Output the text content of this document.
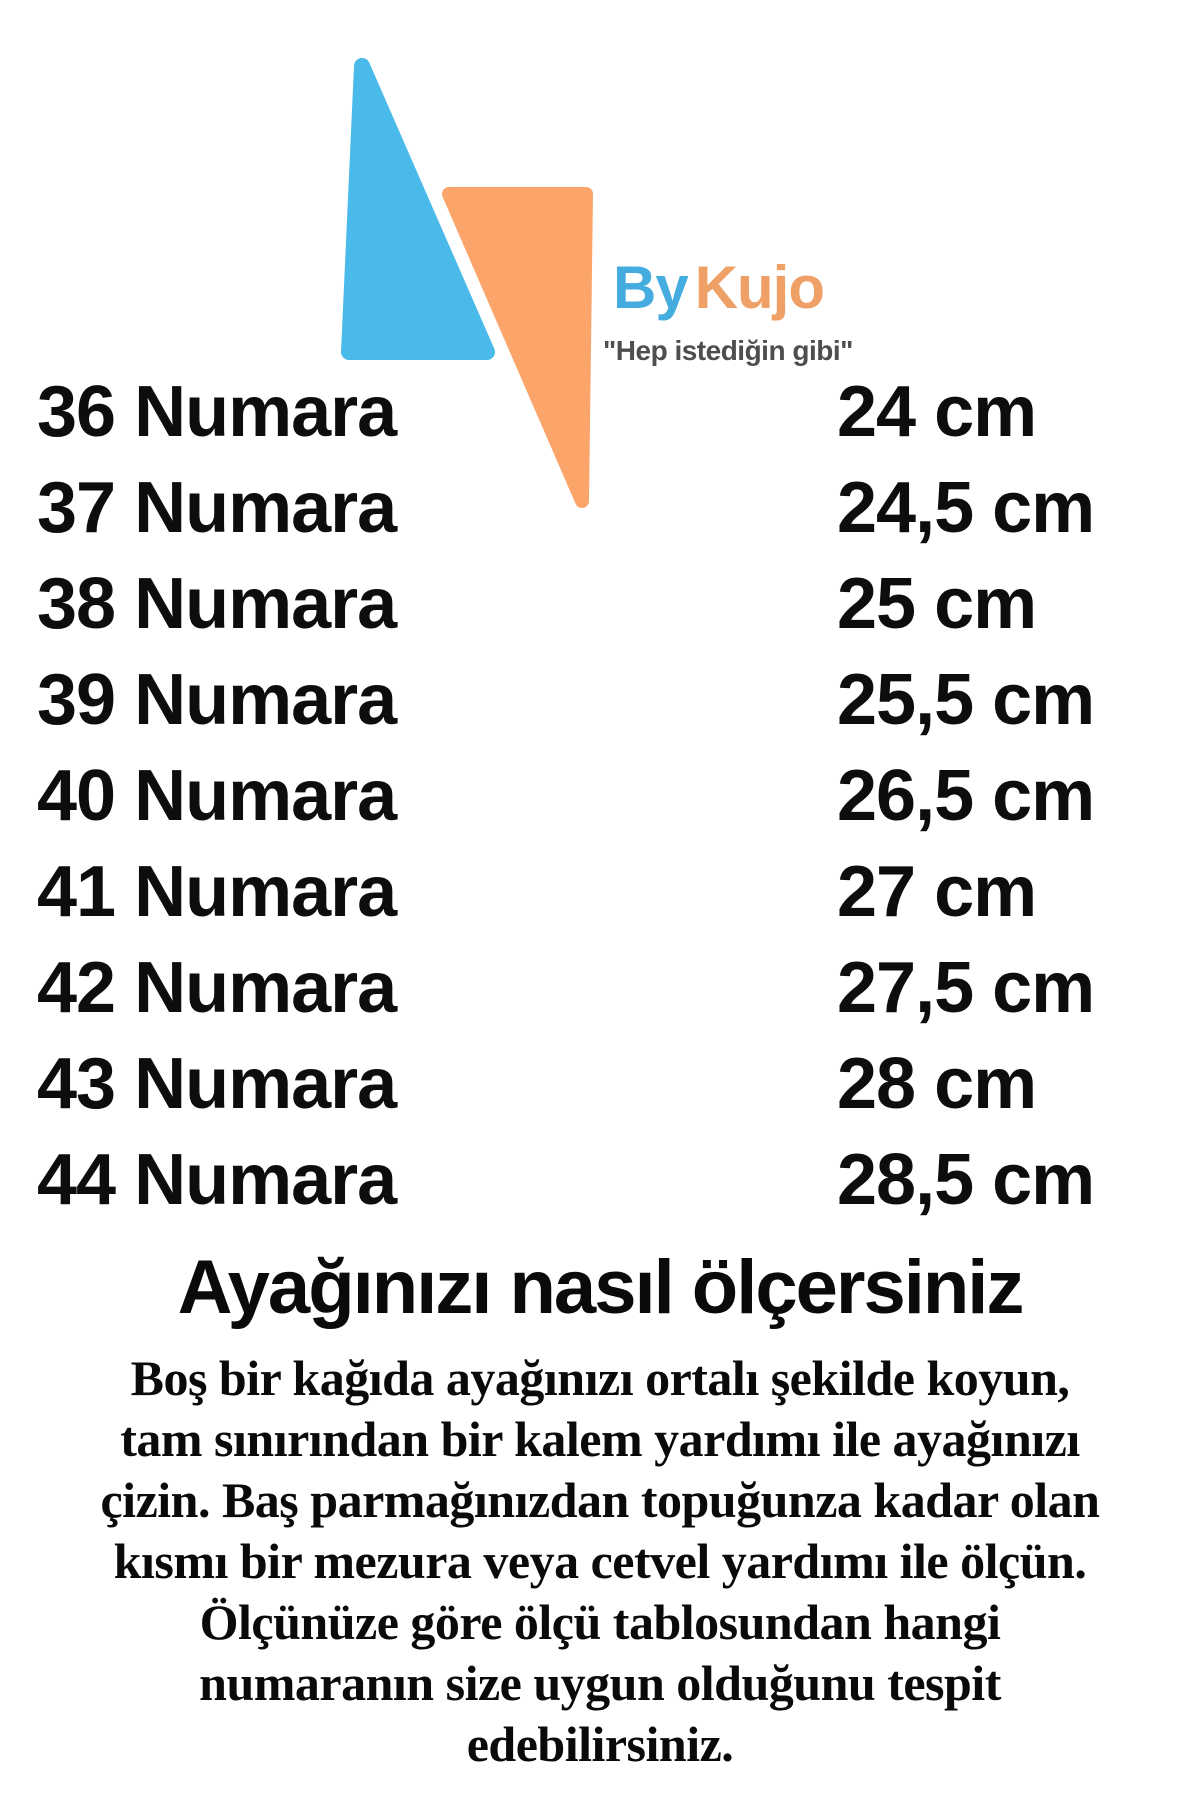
By Kujo
"Hep istediğin gibi"
36 Numara	24 cm
37 Numara	24,5 cm
38 Numara	25 cm
39 Numara	25,5 cm
40 Numara	26,5 cm
41 Numara	27 cm
42 Numara	27,5 cm
43 Numara	28 cm
44 Numara	28,5 cm
Ayağınızı nasıl ölçersiniz
Boş bir kağıda ayağınızı ortalı şekilde koyun,
tam sınırından bir kalem yardımı ile ayağınızı
çizin. Baş parmağınızdan topuğunza kadar olan
kısmı bir mezura veya cetvel yardımı ile ölçün.
Ölçünüze göre ölçü tablosundan hangi
numaranın size uygun olduğunu tespit
edebilirsiniz.
